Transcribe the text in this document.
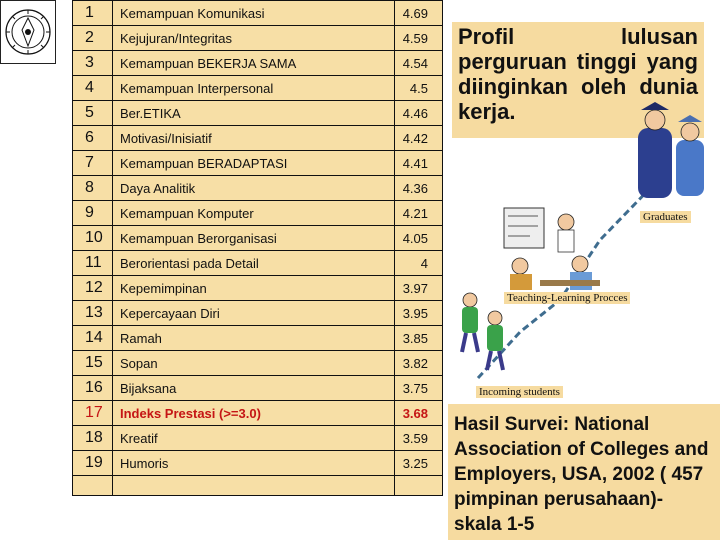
1	Kemampuan Komunikasi	4.69
2	Kejujuran/Integritas	4.59
3	Kemampuan BEKERJA SAMA	4.54
4	Kemampuan Interpersonal	4.5
5	Ber.ETIKA	4.46
6	Motivasi/Inisiatif	4.42
7	Kemampuan BERADAPTASI	4.41
8	Daya Analitik	4.36
9	Kemampuan Komputer	4.21
10	Kemampuan Berorganisasi	4.05
11	Berorientasi pada Detail	4
12	Kepemimpinan	3.97
13	Kepercayaan Diri	3.95
14	Ramah	3.85
15	Sopan	3.82
16	Bijaksana	3.75
17	Indeks Prestasi (>=3.0)	3.68
18	Kreatif	3.59
19	Humoris	3.25

Profil lulusan perguruan tinggi yang diinginkan oleh dunia kerja.
Graduates
Teaching-Learning Procces
Incoming students
Hasil Survei: National Association of Colleges and Employers, USA, 2002 ( 457 pimpinan perusahaan)- skala 1-5
